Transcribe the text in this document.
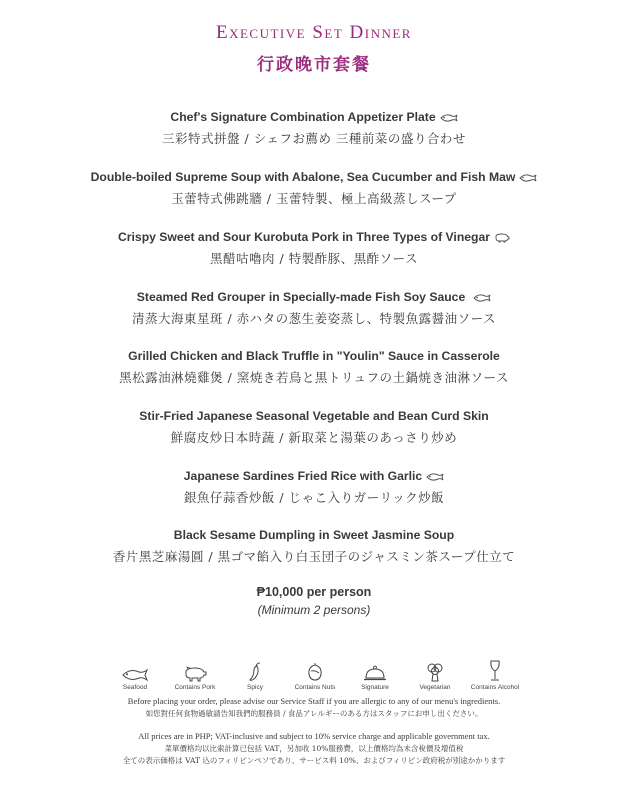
Executive Set Dinner
行政晚市套餐
Chef's Signature Combination Appetizer Plate
三彩特式拼盤 / シェフお薦め 三種前菜の盛り合わせ
Double-boiled Supreme Soup with Abalone, Sea Cucumber and Fish Maw
玉蕾特式佛跳牆 / 玉蕾特製、極上高級蒸しスープ
Crispy Sweet and Sour Kurobuta Pork in Three Types of Vinegar
黑醋咕嚕肉 / 特製酢豚、黒酢ソース
Steamed Red Grouper in Specially-made Fish Soy Sauce
清蒸大海東星斑 / 赤ハタの葱生姜姿蒸し、特製魚露醤油ソース
Grilled Chicken and Black Truffle in "Youlin" Sauce in Casserole
黑松露油淋燒雞煲 / 窯焼き若鳥と黒トリュフの土鍋焼き油淋ソース
Stir-Fried Japanese Seasonal Vegetable and Bean Curd Skin
鮮腐皮炒日本時蔬 / 新取菜と湯葉のあっさり炒め
Japanese Sardines Fried Rice with Garlic
銀魚仔蒜香炒飯 / じゃこ入りガーリック炒飯
Black Sesame Dumpling in Sweet Jasmine Soup
香片黑芝麻湯圓 / 黒ゴマ餡入り白玉団子のジャスミン茶スープ仕立て
₱10,000 per person
(Minimum 2 persons)
Seafood	Contains Pork	Spicy	Contains Nuts	Signature	Vegetarian	Contains Alcohol
Before placing your order, please advise our Service Staff if you are allergic to any of our menu's ingredients.
如您對任何食物過敏請告知我們的服務員 / 食品アレルギーのある方はスタッフにお申し出ください。
All prices are in PHP; VAT-inclusive and subject to 10% service charge and applicable government tax.
菜單價格均以比索計算已包括 VAT，另加收 10%服務費，以上價格均為未含稅價及增值稅
全ての表示価格は VAT 込のフィリピンペソであり、サービス料 10%、およびフィリピン政府税が別途かかります
